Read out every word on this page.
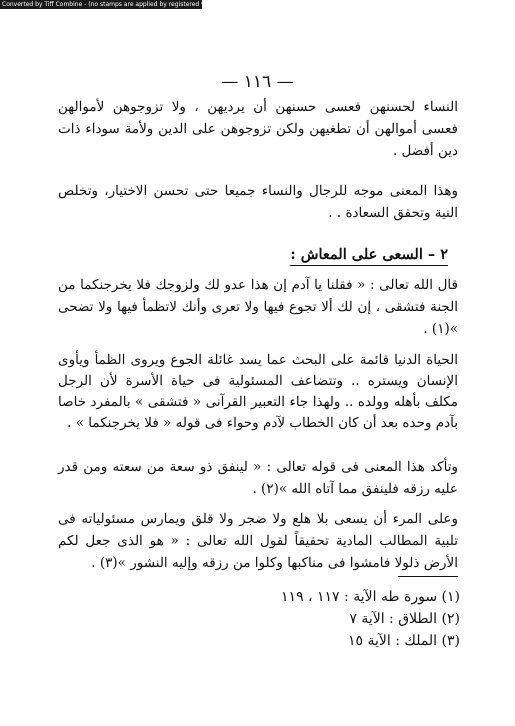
Converted by Tiff Combine - (no stamps are applied by registered version)
— ١١٦ —

النساء لحسنهن فعسى حسنهن أن يرديهن ، ولا تزوجوهن لأموالهن فعسى أموالهن أن تطغيهن ولكن تزوجوهن على الدين ولأمة سوداء ذات دين أفضل .

وهذا المعنى موجه للرجال والنساء جميعا حتى تحسن الاختيار، وتخلص النية وتحقق السعادة . .

٢ – السعى على المعاش :

قال الله تعالى : « فقلنا يا آدم إن هذا عدو لك ولزوجك فلا يخرجنكما من الجنة فتشقى ، إن لك ألا تجوع فيها ولا تعرى وأنك لاتظمأ فيها ولا تضحى »(١) .

الحياة الدنيا قائمة على البحث عما يسد غائلة الجوع ويروى الظمأ ويأوى الإنسان ويستره .. وتتضاعف المسئولية فى حياة الأسرة لأن الرجل مكلف بأهله وولده .. ولهذا جاء التعبير القرآنى « فتشقى » بالمفرد خاصا بآدم وحده بعد أن كان الخطاب لآدم وحواء فى قوله « فلا يخرجنكما » .

وتأكد هذا المعنى فى قوله تعالى : « لينفق ذو سعة من سعته ومن قدر عليه رزقه فلينفق مما آتاه الله »(٢) .

وعلى المرء أن يسعى بلا هلع ولا ضجر ولا قلق ويمارس مسئولياته فى تلبية المطالب المادية تحقيقاً لقول الله تعالى : « هو الذى جعل لكم الأرض ذلولا فامشوا فى مناكبها وكلوا من رزقه وإليه النشور »(٣) .

(١) سورة طه الآية : ١١٧ ، ١١٩
(٢) الطلاق : الآية ٧
(٣) الملك : الآية ١٥
